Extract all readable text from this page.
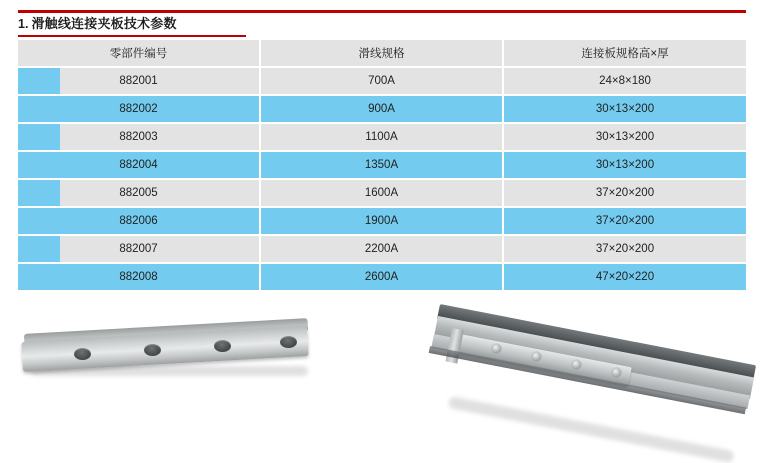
1. 滑触线连接夹板技术参数
零部件编号	滑线规格	连接板规格高×厚

882001	700A	24×8×180

882002	900A	30×13×200

882003	1100A	30×13×200

882004	1350A	30×13×200

882005	1600A	37×20×200

882006	1900A	37×20×200

882007	2200A	37×20×200

882008	2600A	47×20×220
